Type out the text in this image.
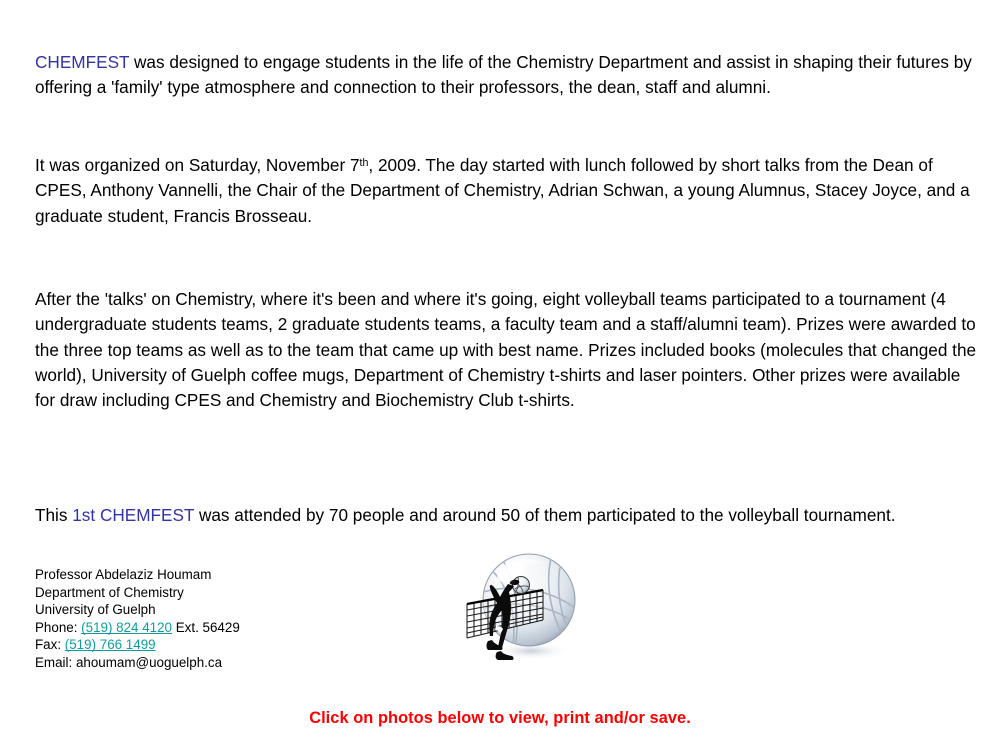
CHEMFEST was designed to engage students in the life of the Chemistry Department and assist in shaping their futures by offering a 'family' type atmosphere and connection to their professors, the dean, staff and alumni.

It was organized on Saturday, November 7th, 2009. The day started with lunch followed by short talks from the Dean of CPES, Anthony Vannelli, the Chair of the Department of Chemistry, Adrian Schwan, a young Alumnus, Stacey Joyce, and a graduate student, Francis Brosseau.

After the 'talks' on Chemistry, where it's been and where it's going, eight volleyball teams participated to a tournament (4 undergraduate students teams, 2 graduate students teams, a faculty team and a staff/alumni team). Prizes were awarded to the three top teams as well as to the team that came up with best name. Prizes included books (molecules that changed the world), University of Guelph coffee mugs, Department of Chemistry t-shirts and laser pointers. Other prizes were available for draw including CPES and Chemistry and Biochemistry Club t-shirts.

This 1st CHEMFEST was attended by 70 people and around 50 of them participated to the volleyball tournament.

Professor Abdelaziz Houmam
Department of Chemistry
University of Guelph
Phone: (519) 824 4120 Ext. 56429
Fax: (519) 766 1499
Email: ahoumam@uoguelph.ca
Click on photos below to view, print and/or save.
